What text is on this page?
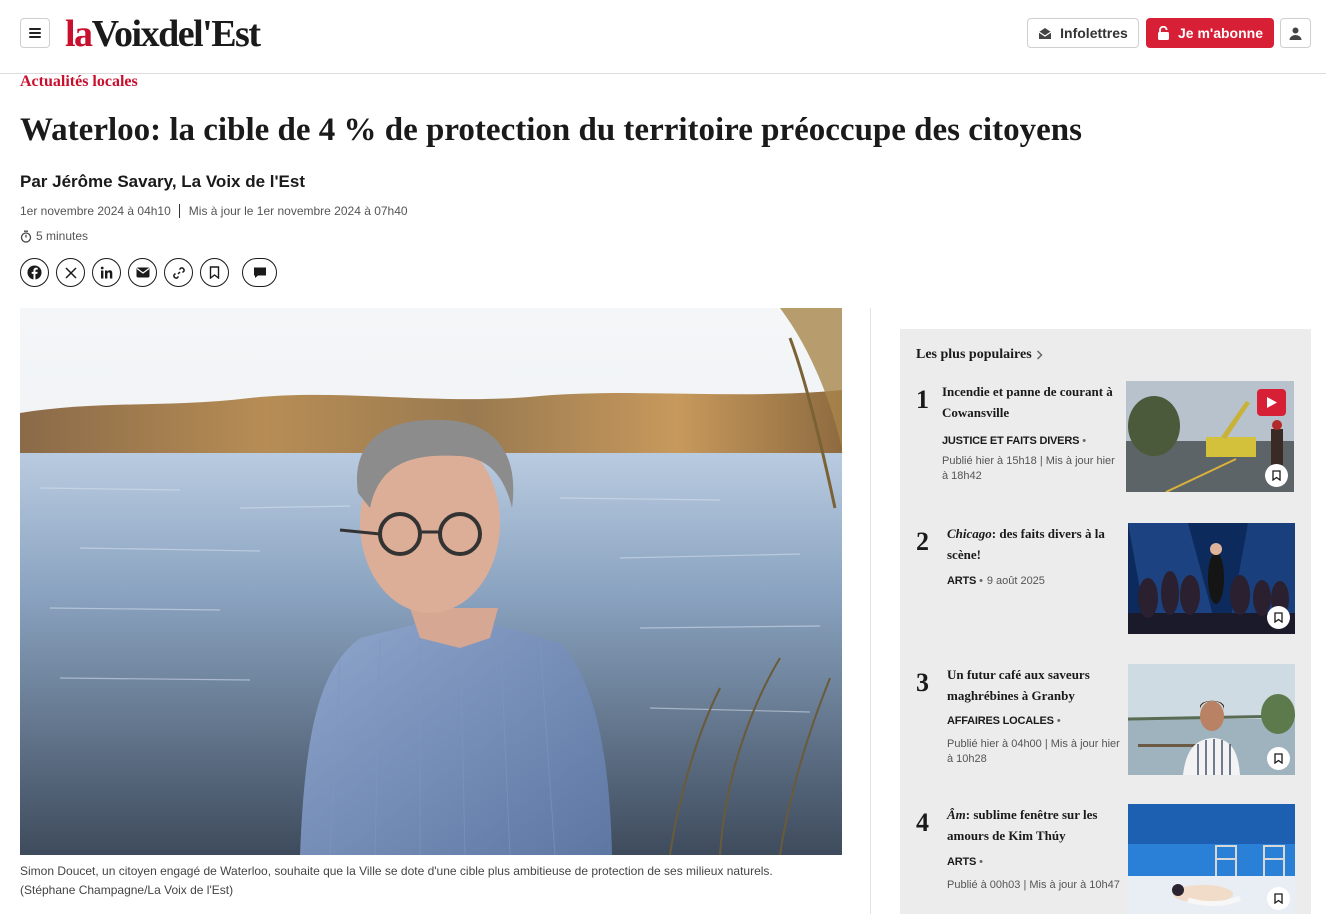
laVoixdel'Est	Infolettres	Je m'abonne
Actualités locales
Waterloo: la cible de 4 % de protection du territoire préoccupe des citoyens
Par Jérôme Savary, La Voix de l'Est
1er novembre 2024 à 04h10 Mis à jour le 1er novembre 2024 à 07h40
5 minutes
Simon Doucet, un citoyen engagé de Waterloo, souhaite que la Ville se dote d'une cible plus ambitieuse de protection de ses milieux naturels.
(Stéphane Champagne/La Voix de l'Est)
Les plus populaires
1 Incendie et panne de courant à Cowansville
JUSTICE ET FAITS DIVERS •
Publié hier à 15h18 | Mis à jour hier à 18h42
2 Chicago: des faits divers à la scène!
ARTS • 9 août 2025
3 Un futur café aux saveurs maghrébines à Granby
AFFAIRES LOCALES •
Publié hier à 04h00 | Mis à jour hier à 10h28
4 Âm: sublime fenêtre sur les amours de Kim Thúy
ARTS •
Publié à 00h03 | Mis à jour à 10h47
